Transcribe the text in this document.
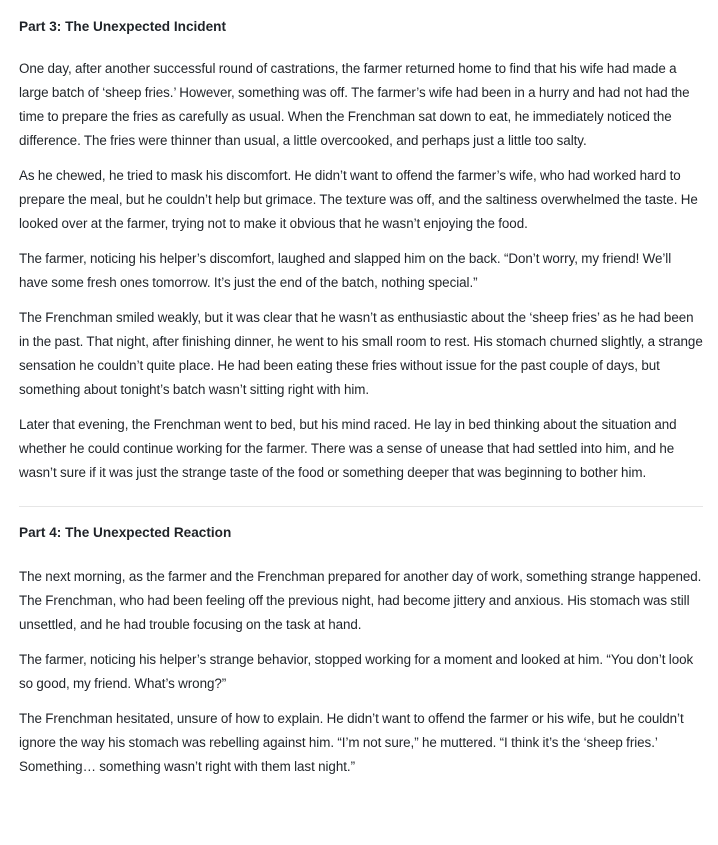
Part 3: The Unexpected Incident

One day, after another successful round of castrations, the farmer returned home to find that his wife had made a large batch of ‘sheep fries.’ However, something was off. The farmer’s wife had been in a hurry and had not had the time to prepare the fries as carefully as usual. When the Frenchman sat down to eat, he immediately noticed the difference. The fries were thinner than usual, a little overcooked, and perhaps just a little too salty.

As he chewed, he tried to mask his discomfort. He didn’t want to offend the farmer’s wife, who had worked hard to prepare the meal, but he couldn’t help but grimace. The texture was off, and the saltiness overwhelmed the taste. He looked over at the farmer, trying not to make it obvious that he wasn’t enjoying the food.

The farmer, noticing his helper’s discomfort, laughed and slapped him on the back. “Don’t worry, my friend! We’ll have some fresh ones tomorrow. It’s just the end of the batch, nothing special.”

The Frenchman smiled weakly, but it was clear that he wasn’t as enthusiastic about the ‘sheep fries’ as he had been in the past. That night, after finishing dinner, he went to his small room to rest. His stomach churned slightly, a strange sensation he couldn’t quite place. He had been eating these fries without issue for the past couple of days, but something about tonight’s batch wasn’t sitting right with him.

Later that evening, the Frenchman went to bed, but his mind raced. He lay in bed thinking about the situation and whether he could continue working for the farmer. There was a sense of unease that had settled into him, and he wasn’t sure if it was just the strange taste of the food or something deeper that was beginning to bother him.

Part 4: The Unexpected Reaction

The next morning, as the farmer and the Frenchman prepared for another day of work, something strange happened. The Frenchman, who had been feeling off the previous night, had become jittery and anxious. His stomach was still unsettled, and he had trouble focusing on the task at hand.

The farmer, noticing his helper’s strange behavior, stopped working for a moment and looked at him. “You don’t look so good, my friend. What’s wrong?”

The Frenchman hesitated, unsure of how to explain. He didn’t want to offend the farmer or his wife, but he couldn’t ignore the way his stomach was rebelling against him. “I’m not sure,” he muttered. “I think it’s the ‘sheep fries.’ Something… something wasn’t right with them last night.”
